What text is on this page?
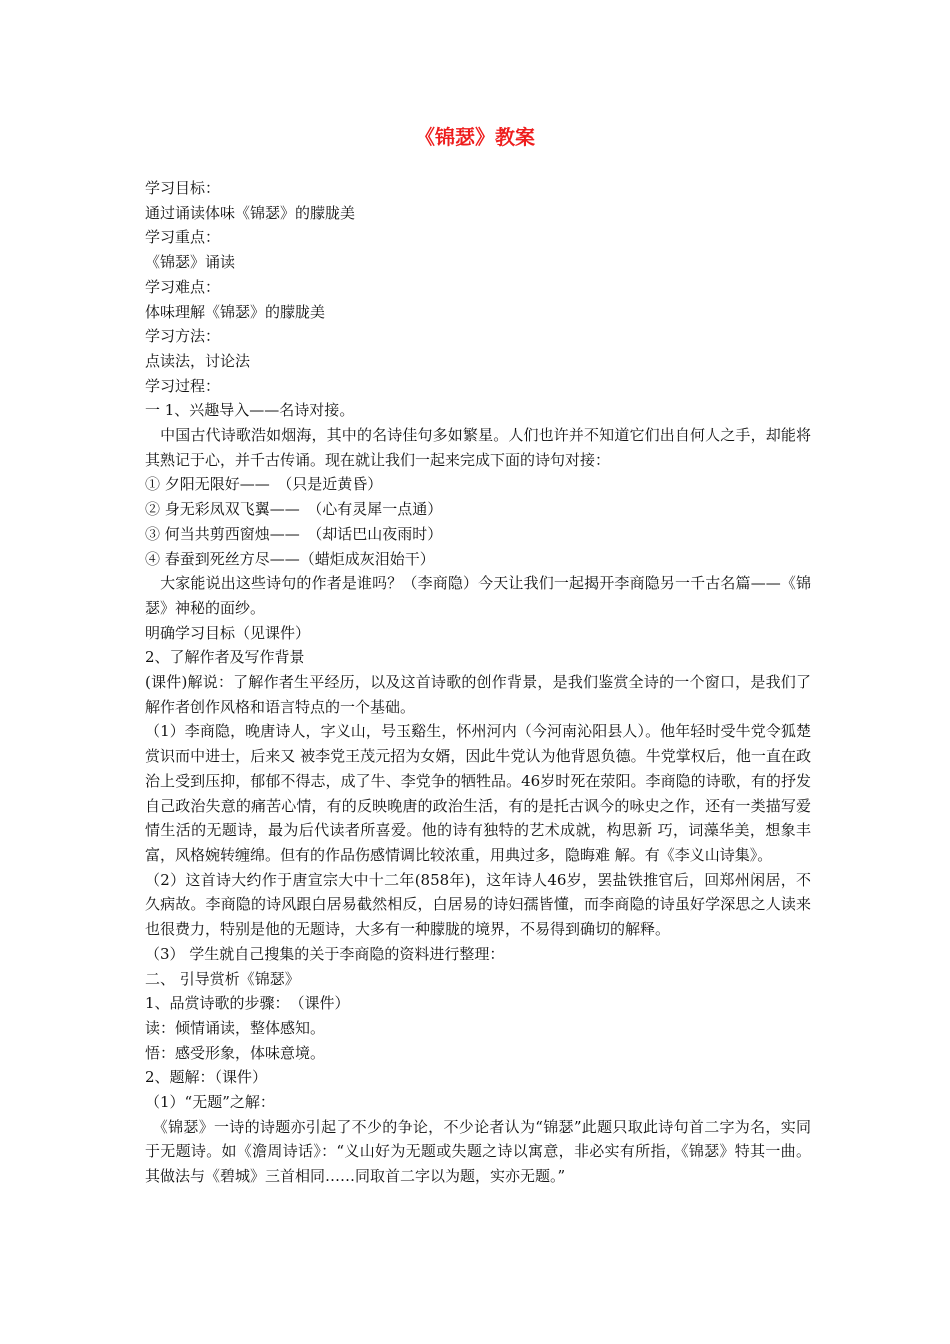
《锦瑟》教案
学习目标：
通过诵读体味《锦瑟》的朦胧美
学习重点：
《锦瑟》诵读
学习难点：
体味理解《锦瑟》的朦胧美
学习方法：
点读法，讨论法
学习过程：
一 1、兴趣导入——名诗对接。
　中国古代诗歌浩如烟海，其中的名诗佳句多如繁星。人们也许并不知道它们出自何人之手，却能将其熟记于心，并千古传诵。现在就让我们一起来完成下面的诗句对接：
① 夕阳无限好——　（只是近黄昏）
② 身无彩凤双飞翼——　（心有灵犀一点通）
③ 何当共剪西窗烛——　（却话巴山夜雨时）
④ 春蚕到死丝方尽——（蜡炬成灰泪始干）
　大家能说出这些诗句的作者是谁吗？（李商隐）今天让我们一起揭开李商隐另一千古名篇——《锦瑟》神秘的面纱。
明确学习目标（见课件）
2、了解作者及写作背景
(课件)解说：了解作者生平经历，以及这首诗歌的创作背景，是我们鉴赏全诗的一个窗口，是我们了解作者创作风格和语言特点的一个基础。
（1）李商隐，晚唐诗人，字义山，号玉谿生，怀州河内（今河南沁阳县人）。他年轻时受牛党令狐楚赏识而中进士，后来又 被李党王茂元招为女婿，因此牛党认为他背恩负德。牛党掌权后，他一直在政治上受到压抑，郁郁不得志，成了牛、李党争的牺牲品。46岁时死在荥阳。李商隐的诗歌，有的抒发自己政治失意的痛苦心情，有的反映晚唐的政治生活，有的是托古讽今的咏史之作，还有一类描写爱情生活的无题诗，最为后代读者所喜爱。他的诗有独特的艺术成就，构思新 巧，词藻华美，想象丰富，风格婉转缠绵。但有的作品伤感情调比较浓重，用典过多，隐晦难 解。有《李义山诗集》。
（2）这首诗大约作于唐宣宗大中十二年(858年)，这年诗人46岁，罢盐铁推官后，回郑州闲居，不久病故。李商隐的诗风跟白居易截然相反，白居易的诗妇孺皆懂，而李商隐的诗虽好学深思之人读来也很费力，特别是他的无题诗，大多有一种朦胧的境界，不易得到确切的解释。
（3） 学生就自己搜集的关于李商隐的资料进行整理：
二、 引导赏析《锦瑟》
1、品赏诗歌的步骤：　（课件）
读：倾情诵读，整体感知。
悟：感受形象，体味意境。
2、题解：（课件）
（1）“无题”之解：
　《锦瑟》一诗的诗题亦引起了不少的争论，不少论者认为“锦瑟”此题只取此诗句首二字为名，实同于无题诗。如《澹周诗话》：“义山好为无题或失题之诗以寓意，非必实有所指，《锦瑟》特其一曲。其做法与《碧城》三首相同……同取首二字以为题，实亦无题。”
